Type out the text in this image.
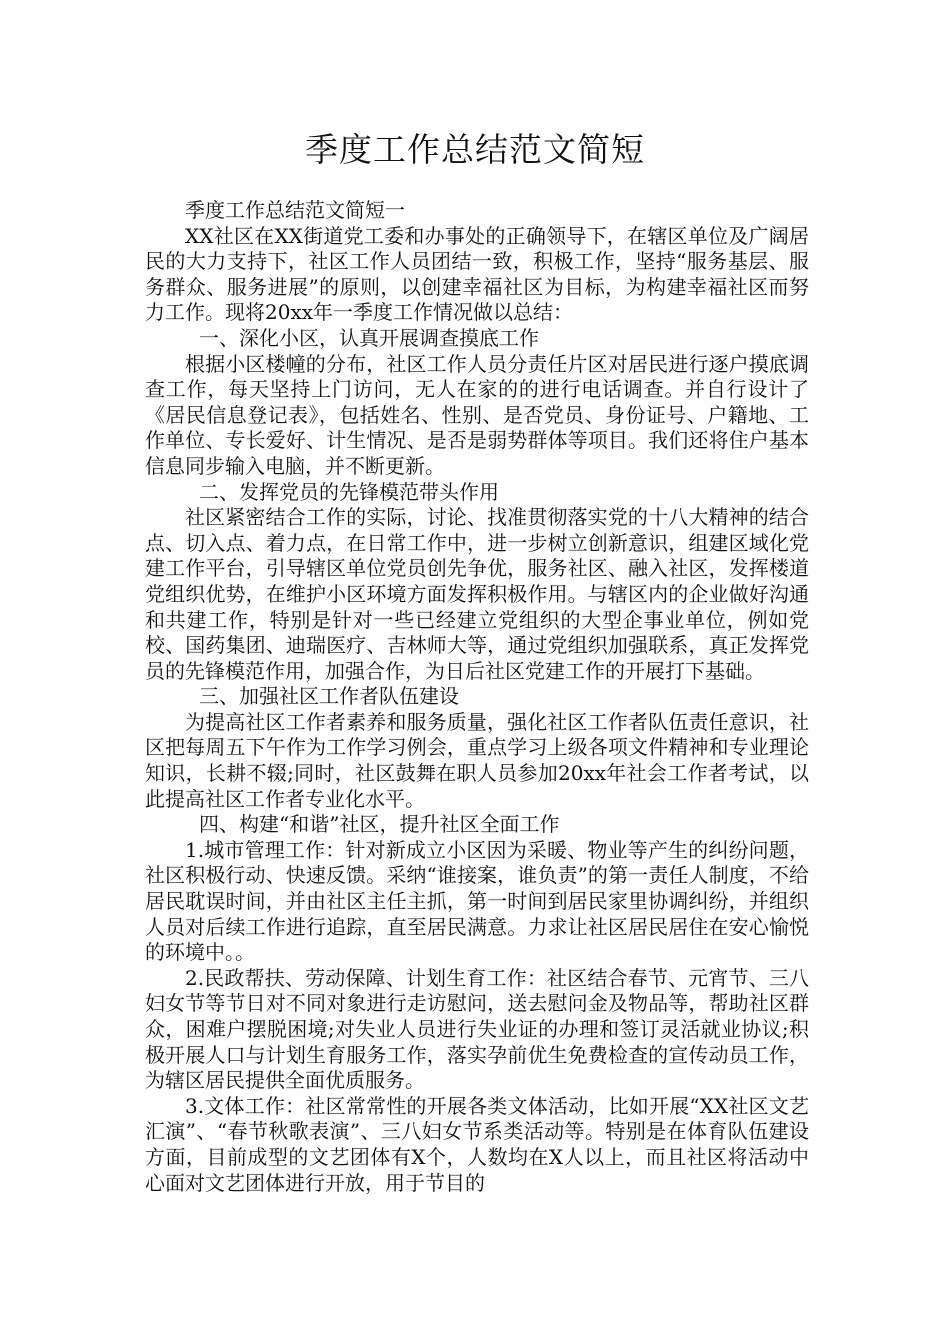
季度工作总结范文简短

季度工作总结范文简短一

XX社区在XX街道党工委和办事处的正确领导下，在辖区单位及广阔居民的大力支持下，社区工作人员团结一致，积极工作，坚持“服务基层、服务群众、服务进展”的原则，以创建幸福社区为目标，为构建幸福社区而努力工作。现将20xx年一季度工作情况做以总结：

一、深化小区，认真开展调查摸底工作

根据小区楼幢的分布，社区工作人员分责任片区对居民进行逐户摸底调查工作，每天坚持上门访问，无人在家的的进行电话调查。并自行设计了《居民信息登记表》，包括姓名、性别、是否党员、身份证号、户籍地、工作单位、专长爱好、计生情况、是否是弱势群体等项目。我们还将住户基本信息同步输入电脑，并不断更新。

二、发挥党员的先锋模范带头作用

社区紧密结合工作的实际，讨论、找准贯彻落实党的十八大精神的结合点、切入点、着力点，在日常工作中，进一步树立创新意识，组建区域化党建工作平台，引导辖区单位党员创先争优，服务社区、融入社区，发挥楼道党组织优势，在维护小区环境方面发挥积极作用。与辖区内的企业做好沟通和共建工作，特别是针对一些已经建立党组织的大型企事业单位，例如党校、国药集团、迪瑞医疗、吉林师大等，通过党组织加强联系，真正发挥党员的先锋模范作用，加强合作，为日后社区党建工作的开展打下基础。

三、加强社区工作者队伍建设

为提高社区工作者素养和服务质量，强化社区工作者队伍责任意识，社区把每周五下午作为工作学习例会，重点学习上级各项文件精神和专业理论知识，长耕不辍;同时，社区鼓舞在职人员参加20xx年社会工作者考试，以此提高社区工作者专业化水平。

四、构建“和谐”社区，提升社区全面工作

1.城市管理工作：针对新成立小区因为采暖、物业等产生的纠纷问题，社区积极行动、快速反馈。采纳“谁接案，谁负责”的第一责任人制度，不给居民耽误时间，并由社区主任主抓，第一时间到居民家里协调纠纷，并组织人员对后续工作进行追踪，直至居民满意。力求让社区居民居住在安心愉悦的环境中。。

2.民政帮扶、劳动保障、计划生育工作：社区结合春节、元宵节、三八妇女节等节日对不同对象进行走访慰问，送去慰问金及物品等，帮助社区群众，困难户摆脱困境;对失业人员进行失业证的办理和签订灵活就业协议;积极开展人口与计划生育服务工作，落实孕前优生免费检查的宣传动员工作，为辖区居民提供全面优质服务。

3.文体工作：社区常常性的开展各类文体活动，比如开展“XX社区文艺汇演”、“春节秋歌表演”、三八妇女节系类活动等。特别是在体育队伍建设方面，目前成型的文艺团体有X个，人数均在X人以上，而且社区将活动中心面对文艺团体进行开放，用于节目的
